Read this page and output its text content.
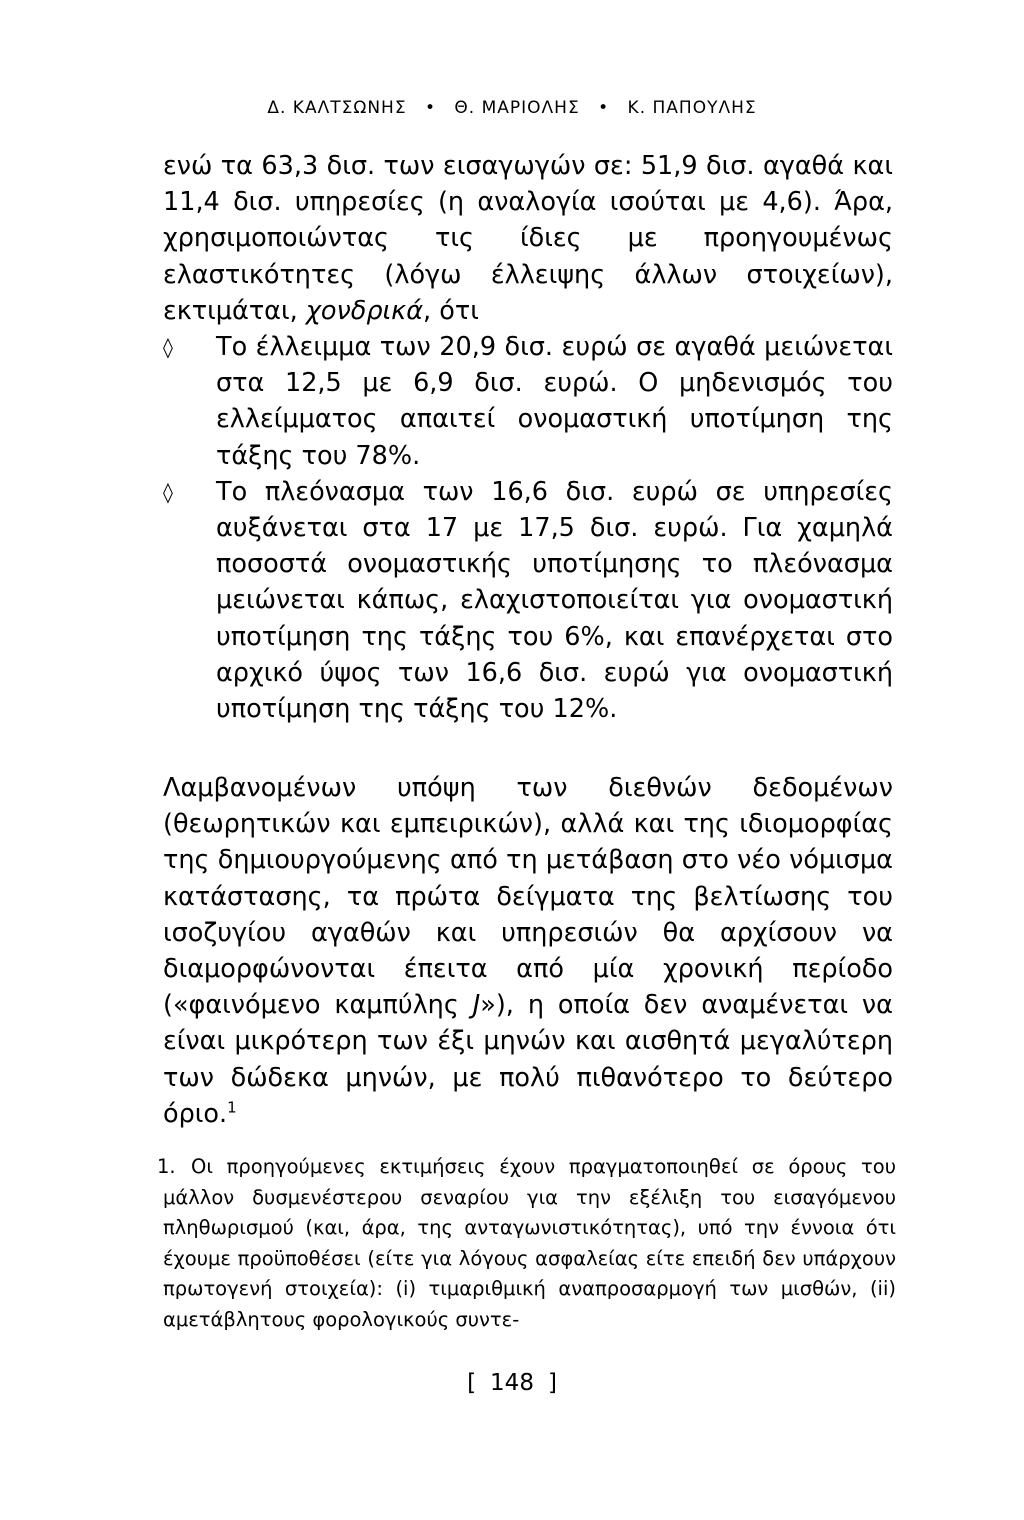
Δ. ΚΑΛΤΣΩΝΗΣ • Θ. ΜΑΡΙΟΛΗΣ • Κ. ΠΑΠΟΥΛΗΣ
ενώ τα 63,3 δισ. των εισαγωγών σε: 51,9 δισ. αγαθά και 11,4 δισ. υπηρεσίες (η αναλογία ισούται με 4,6). Άρα, χρησιμοποιώντας τις ίδιες με προηγουμένως ελαστικότητες (λόγω έλλειψης άλλων στοιχείων), εκτιμάται, χονδρικά, ότι
◊ Το έλλειμμα των 20,9 δισ. ευρώ σε αγαθά μειώνεται στα 12,5 με 6,9 δισ. ευρώ. Ο μηδενισμός του ελλείμματος απαιτεί ονομαστική υποτίμηση της τάξης του 78%.
◊ Το πλεόνασμα των 16,6 δισ. ευρώ σε υπηρεσίες αυξάνεται στα 17 με 17,5 δισ. ευρώ. Για χαμηλά ποσοστά ονομαστικής υποτίμησης το πλεόνασμα μειώνεται κάπως, ελαχιστοποιείται για ονομαστική υποτίμηση της τάξης του 6%, και επανέρχεται στο αρχικό ύψος των 16,6 δισ. ευρώ για ονομαστική υποτίμηση της τάξης του 12%.
Λαμβανομένων υπόψη των διεθνών δεδομένων (θεωρητικών και εμπειρικών), αλλά και της ιδιομορφίας της δημιουργούμενης από τη μετάβαση στο νέο νόμισμα κατάστασης, τα πρώτα δείγματα της βελτίωσης του ισοζυγίου αγαθών και υπηρεσιών θα αρχίσουν να διαμορφώνονται έπειτα από μία χρονική περίοδο («φαινόμενο καμπύλης J»), η οποία δεν αναμένεται να είναι μικρότερη των έξι μηνών και αισθητά μεγαλύτερη των δώδεκα μηνών, με πολύ πιθανότερο το δεύτερο όριο.$^1$
1. Οι προηγούμενες εκτιμήσεις έχουν πραγματοποιηθεί σε όρους του μάλλον δυσμενέστερου σεναρίου για την εξέλιξη του εισαγόμενου πληθωρισμού (και, άρα, της ανταγωνιστικότητας), υπό την έννοια ότι έχουμε προϋποθέσει (είτε για λόγους ασφαλείας είτε επειδή δεν υπάρχουν πρωτογενή στοιχεία): (i) τιμαριθμική αναπροσαρμογή των μισθών, (ii) αμετάβλητους φορολογικούς συντε-
[ 148 ]
